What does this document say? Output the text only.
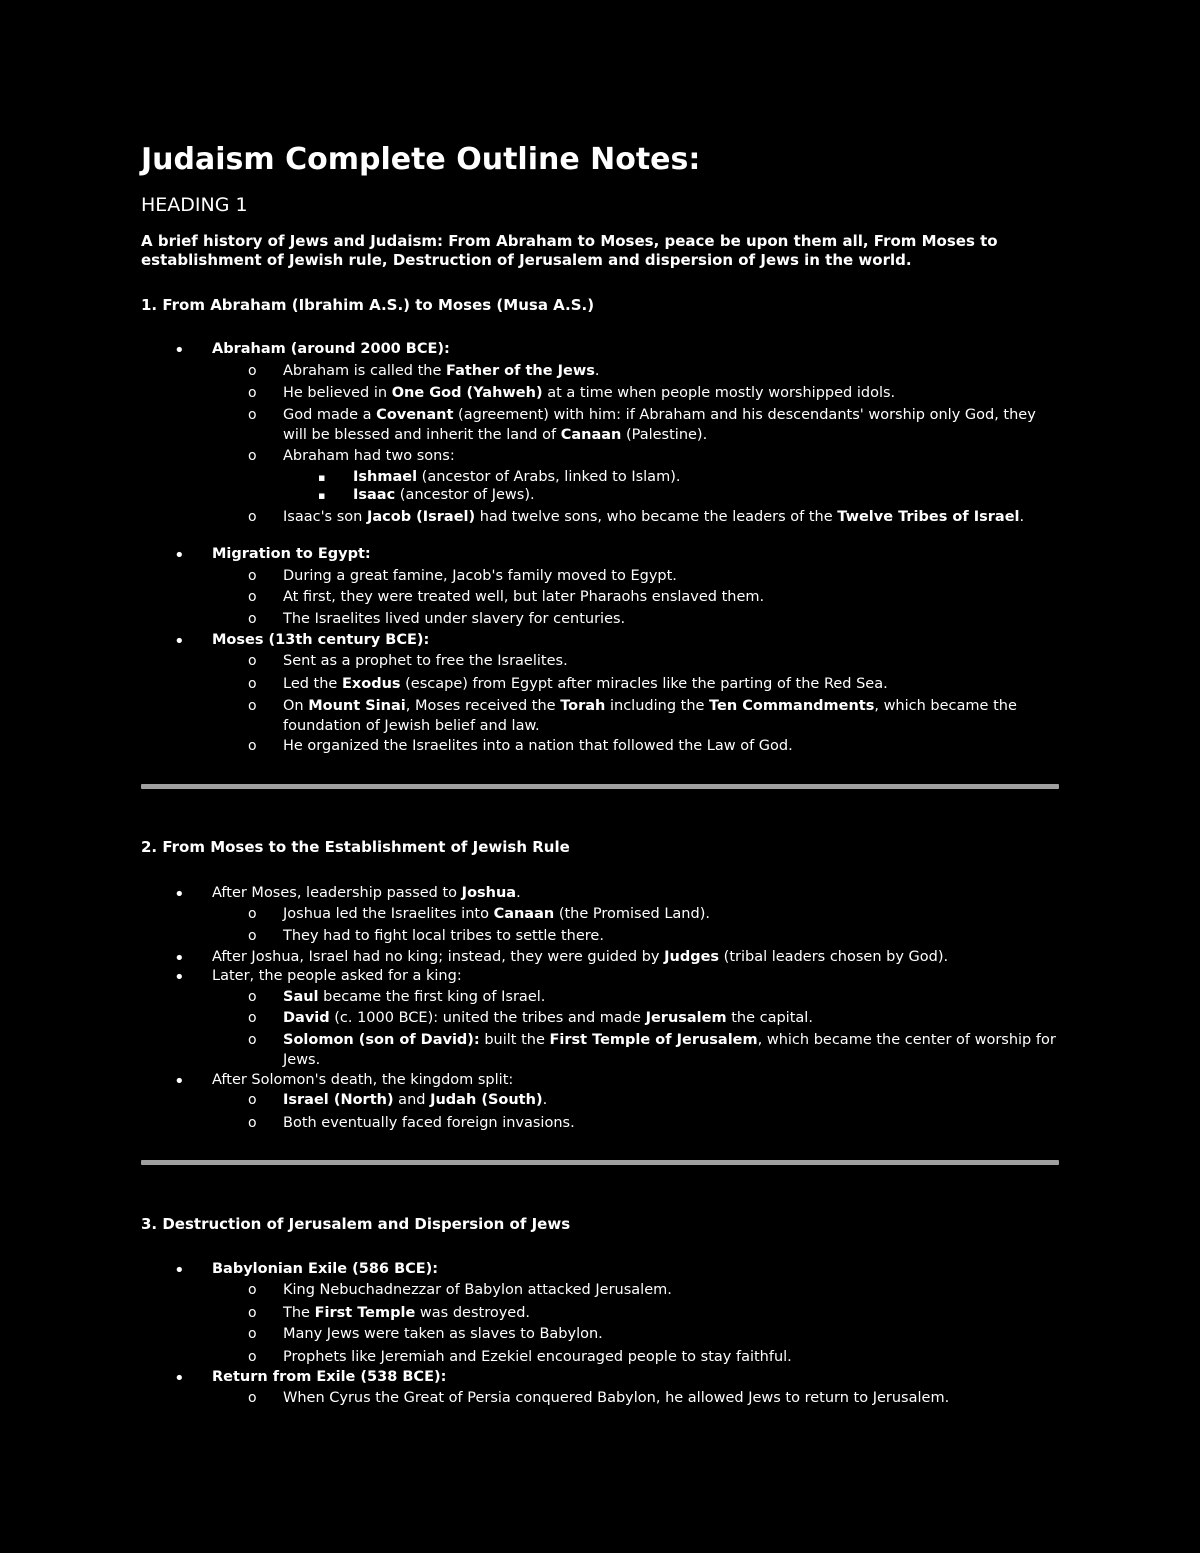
Judaism Complete Outline Notes:
HEADING 1
A brief history of Jews and Judaism: From Abraham to Moses, peace be upon them all, From Moses to establishment of Jewish rule, Destruction of Jerusalem and dispersion of Jews in the world.
1. From Abraham (Ibrahim A.S.) to Moses (Musa A.S.)
• Abraham (around 2000 BCE):
o Abraham is called the Father of the Jews.
o He believed in One God (Yahweh) at a time when people mostly worshipped idols.
o God made a Covenant (agreement) with him: if Abraham and his descendants' worship only God, they will be blessed and inherit the land of Canaan (Palestine).
o Abraham had two sons:
▪ Ishmael (ancestor of Arabs, linked to Islam).
▪ Isaac (ancestor of Jews).
o Isaac's son Jacob (Israel) had twelve sons, who became the leaders of the Twelve Tribes of Israel.
• Migration to Egypt:
o During a great famine, Jacob's family moved to Egypt.
o At first, they were treated well, but later Pharaohs enslaved them.
o The Israelites lived under slavery for centuries.
• Moses (13th century BCE):
o Sent as a prophet to free the Israelites.
o Led the Exodus (escape) from Egypt after miracles like the parting of the Red Sea.
o On Mount Sinai, Moses received the Torah including the Ten Commandments, which became the foundation of Jewish belief and law.
o He organized the Israelites into a nation that followed the Law of God.
2. From Moses to the Establishment of Jewish Rule
• After Moses, leadership passed to Joshua.
o Joshua led the Israelites into Canaan (the Promised Land).
o They had to fight local tribes to settle there.
• After Joshua, Israel had no king; instead, they were guided by Judges (tribal leaders chosen by God).
• Later, the people asked for a king:
o Saul became the first king of Israel.
o David (c. 1000 BCE): united the tribes and made Jerusalem the capital.
o Solomon (son of David): built the First Temple of Jerusalem, which became the center of worship for Jews.
• After Solomon's death, the kingdom split:
o Israel (North) and Judah (South).
o Both eventually faced foreign invasions.
3. Destruction of Jerusalem and Dispersion of Jews
• Babylonian Exile (586 BCE):
o King Nebuchadnezzar of Babylon attacked Jerusalem.
o The First Temple was destroyed.
o Many Jews were taken as slaves to Babylon.
o Prophets like Jeremiah and Ezekiel encouraged people to stay faithful.
• Return from Exile (538 BCE):
o When Cyrus the Great of Persia conquered Babylon, he allowed Jews to return to Jerusalem.
